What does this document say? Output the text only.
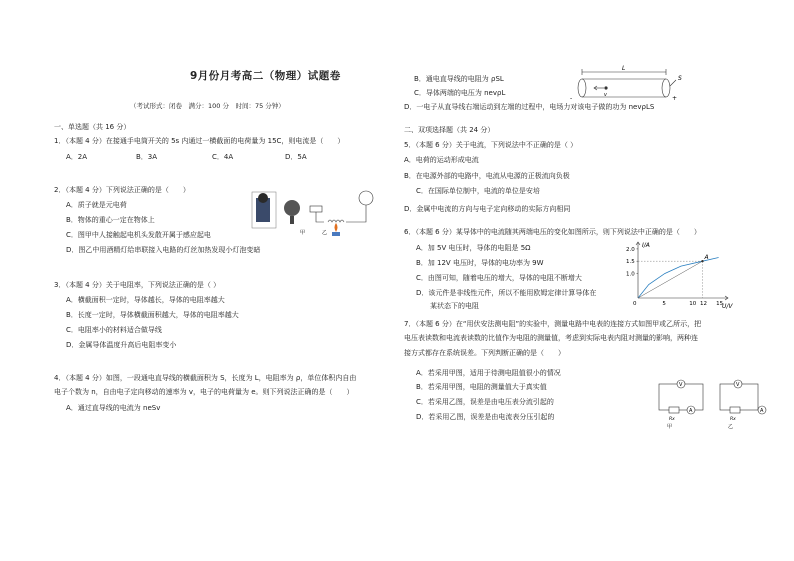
9月份月考高二（物理）试题卷
（考试形式：闭卷　满分：100 分　时间：75 分钟）
一、单选题（共 16 分）
1．（本题 4 分）在接通手电筒开关的 5s 内通过一横截面的电荷量为 15C，则电流是（　　）
A．2A	B．3A	C．4A	D．5A
2．（本题 4 分）下列说法正确的是（　　）
A．质子就是元电荷
B．物体的重心一定在物体上
C．图甲中人接触起电机头发散开属于感应起电
D．图乙中用酒精灯给串联接入电路的灯丝加热发现小灯泡变暗
甲	乙
3．（本题 4 分）关于电阻率，下列说法正确的是（ ）
A．横截面积一定时，导体越长，导体的电阻率越大
B．长度一定时，导体横截面积越大，导体的电阻率越大
C．电阻率小的材料适合做导线
D．金属导体温度升高后电阻率变小
4．（本题 4 分）如图，一段通电直导线的横截面积为 S，长度为 L，电阻率为 ρ，单位体积内自由
电子个数为 n，自由电子定向移动的速率为 v，电子的电荷量为 e。则下列说法正确的是（　　）
A．通过直导线的电流为 neSv
B．通电直导线的电阻为 ρSL
C．导体两端的电压为 nevρL
D．一电子从直导线右端运动到左端的过程中，电场力对该电子做的功为 nevρLS
L
S
v
-	+
二、双项选择题（共 24 分）
5．（本题 6 分）关于电流，下列说法中不正确的是（ ）
A．电荷的运动形成电流
B．在电源外部的电路中，电流从电源的正极流向负极
C．在国际单位制中，电流的单位是安培
D．金属中电流的方向与电子定向移动的实际方向相同
6．（本题 6 分）某导体中的电流随其两端电压的变化如图所示，则下列说法中正确的是（　　）
A．加 5V 电压时，导体的电阻是 5Ω
B．加 12V 电压时，导体的电功率为 9W
C．由图可知，随着电压的增大，导体的电阻不断增大
D．该元件是非线性元件，所以不能用欧姆定律计算导体在
　　某状态下的电阻
I/A
U/V
A
1.0
1.5
2.0
0	5	10 12 15
7．（本题 6 分）在“用伏安法测电阻”的实验中，测量电路中电表的连接方式如图甲或乙所示，把
电压表读数和电流表读数的比值作为电阻的测量值，考虑到实际电表内阻对测量的影响，两种连
接方式都存在系统误差。下列判断正确的是（　　）
A．若采用甲图，适用于待测电阻值很小的情况
B．若采用甲图，电阻的测量值大于真实值
C．若采用乙图，误差是由电压表分流引起的
D．若采用乙图，误差是由电流表分压引起的
V
Rx
A
甲
V
Rx
A
乙
